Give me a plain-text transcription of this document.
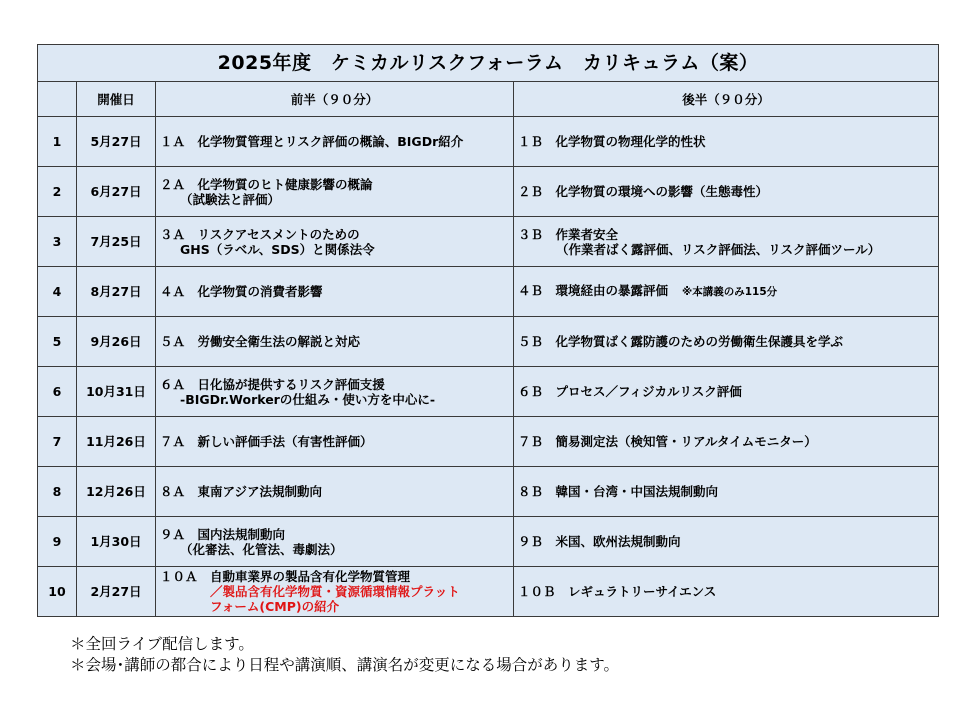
2025年度　ケミカルリスクフォーラム　カリキュラム（案）			
	開催日	前半（９０分）	後半（９０分）
1	5月27日	１Ａ　化学物質管理とリスク評価の概論、BIGDr紹介	１Ｂ　化学物質の物理化学的性状

2	6月27日	２Ａ　化学物質のヒト健康影響の概論
（試験法と評価）	２Ｂ　化学物質の環境への影響（生態毒性）

3	7月25日	３Ａ　リスクアセスメントのための
GHS（ラベル、SDS）と関係法令	３Ｂ　作業者安全
（作業者ばく露評価、リスク評価法、リスク評価ツール）

4	8月27日	４Ａ　化学物質の消費者影響	４Ｂ　環境経由の暴露評価 ※本講義のみ115分
5	9月26日	５Ａ　労働安全衛生法の解説と対応	５Ｂ　化学物質ばく露防護のための労働衛生保護具を学ぶ

6	10月31日	６Ａ　日化協が提供するリスク評価支援
-BIGDr.Workerの仕組み・使い方を中心に-	６Ｂ　プロセス／フィジカルリスク評価

7	11月26日	７Ａ　新しい評価手法（有害性評価）	７Ｂ　簡易測定法（検知管・リアルタイムモニター）

8	12月26日	８Ａ　東南アジア法規制動向	８Ｂ　韓国・台湾・中国法規制動向

9	1月30日	９Ａ　国内法規制動向
（化審法、化管法、毒劇法）	９Ｂ　米国、欧州法規制動向

10	2月27日	１０Ａ　自動車業界の製品含有化学物質管理
／製品含有化学物質・資源循環情報プラット
フォーム(CMP)の紹介	１０Ｂ　レギュラトリーサイエンス
＊全回ライブ配信します。
＊会場･講師の都合により日程や講演順、講演名が変更になる場合があります。
